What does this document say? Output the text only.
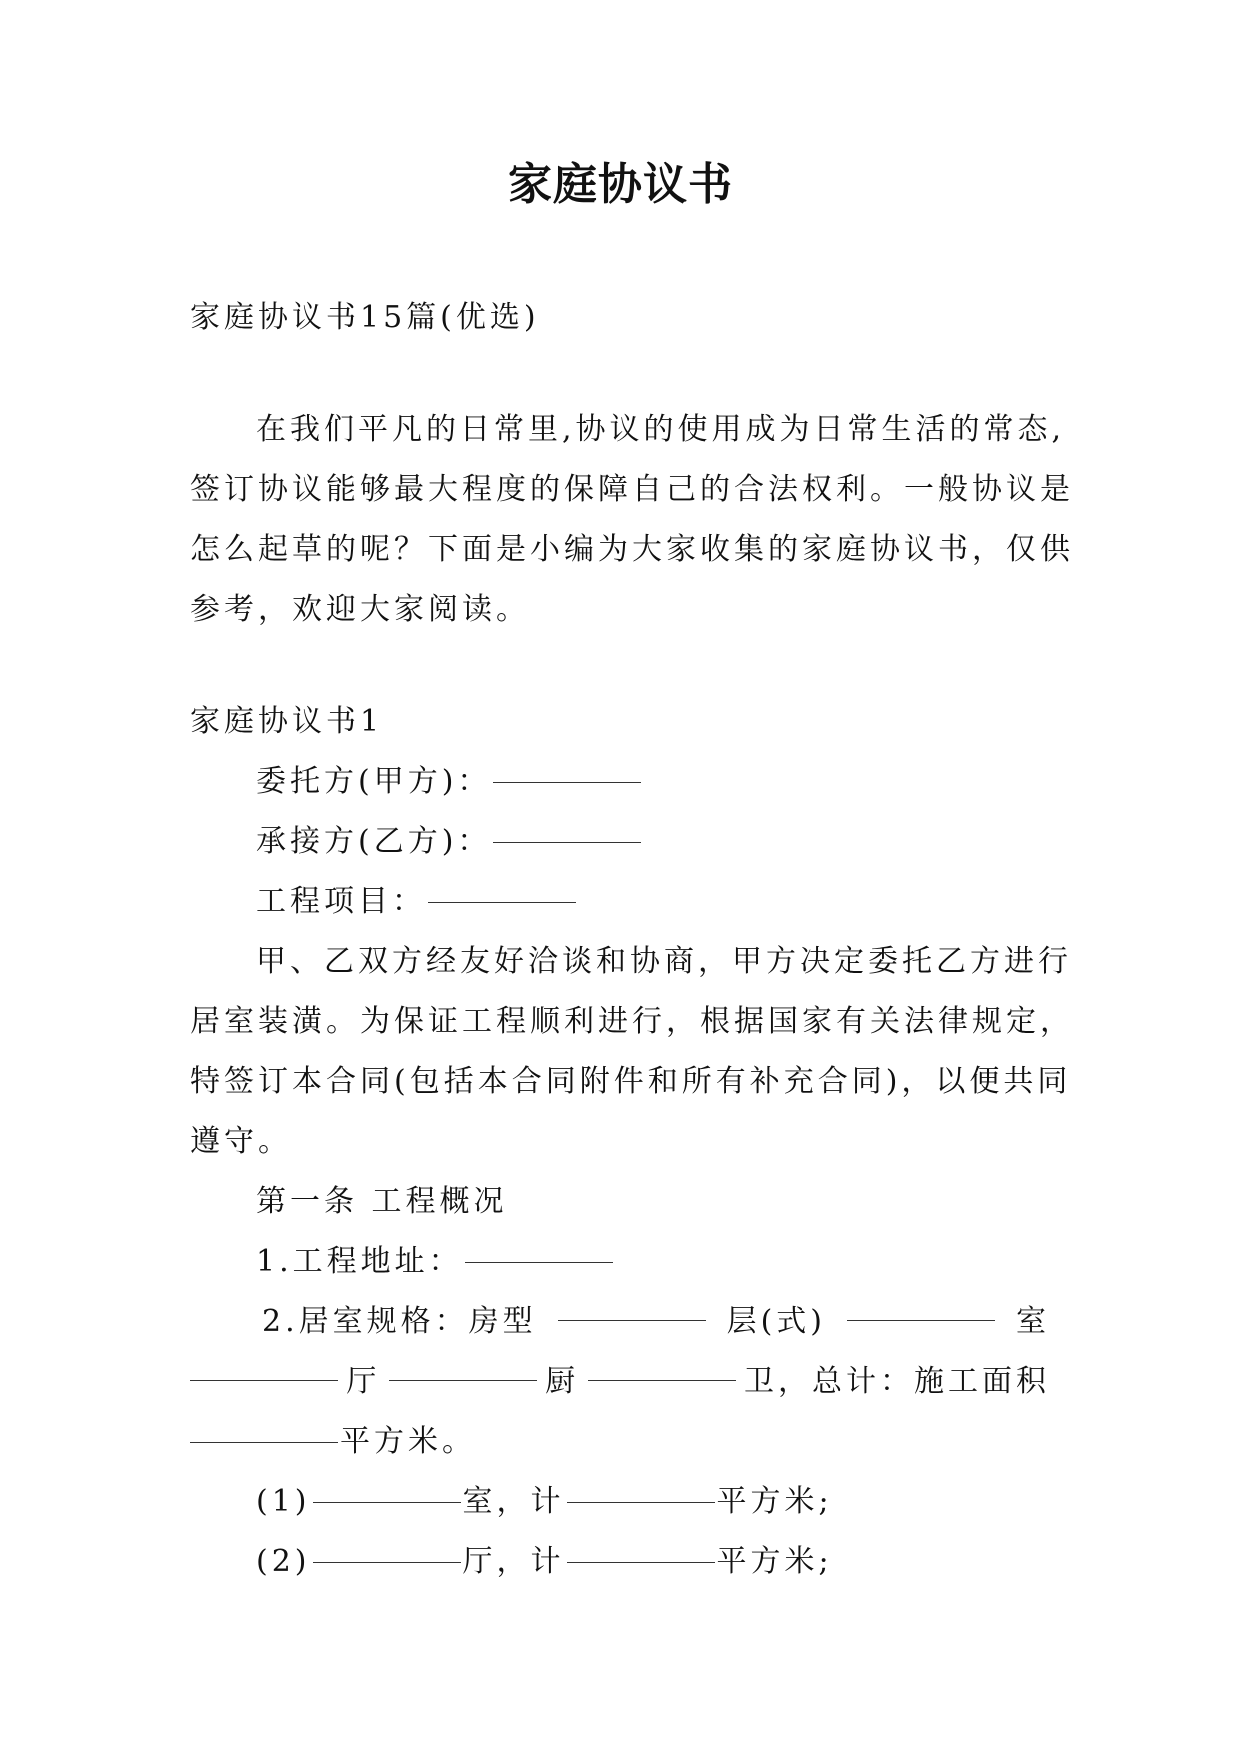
家庭协议书
家庭协议书15篇(优选)
在我们平凡的日常里,协议的使用成为日常生活的常态,
签订协议能够最大程度的保障自己的合法权利。一般协议是
怎么起草的呢？下面是小编为大家收集的家庭协议书，仅供
参考，欢迎大家阅读。
家庭协议书1
委托方(甲方)：
承接方(乙方)：
工程项目：
甲、乙双方经友好洽谈和协商，甲方决定委托乙方进行
居室装潢。为保证工程顺利进行，根据国家有关法律规定，
特签订本合同(包括本合同附件和所有补充合同)，以便共同
遵守。
第一条 工程概况
1.工程地址：
2.居室规格：房型	层(式)	室
厅	厨	卫，总计：施工面积
平方米。
(1)	室，计	平方米;
(2)	厅，计	平方米;
